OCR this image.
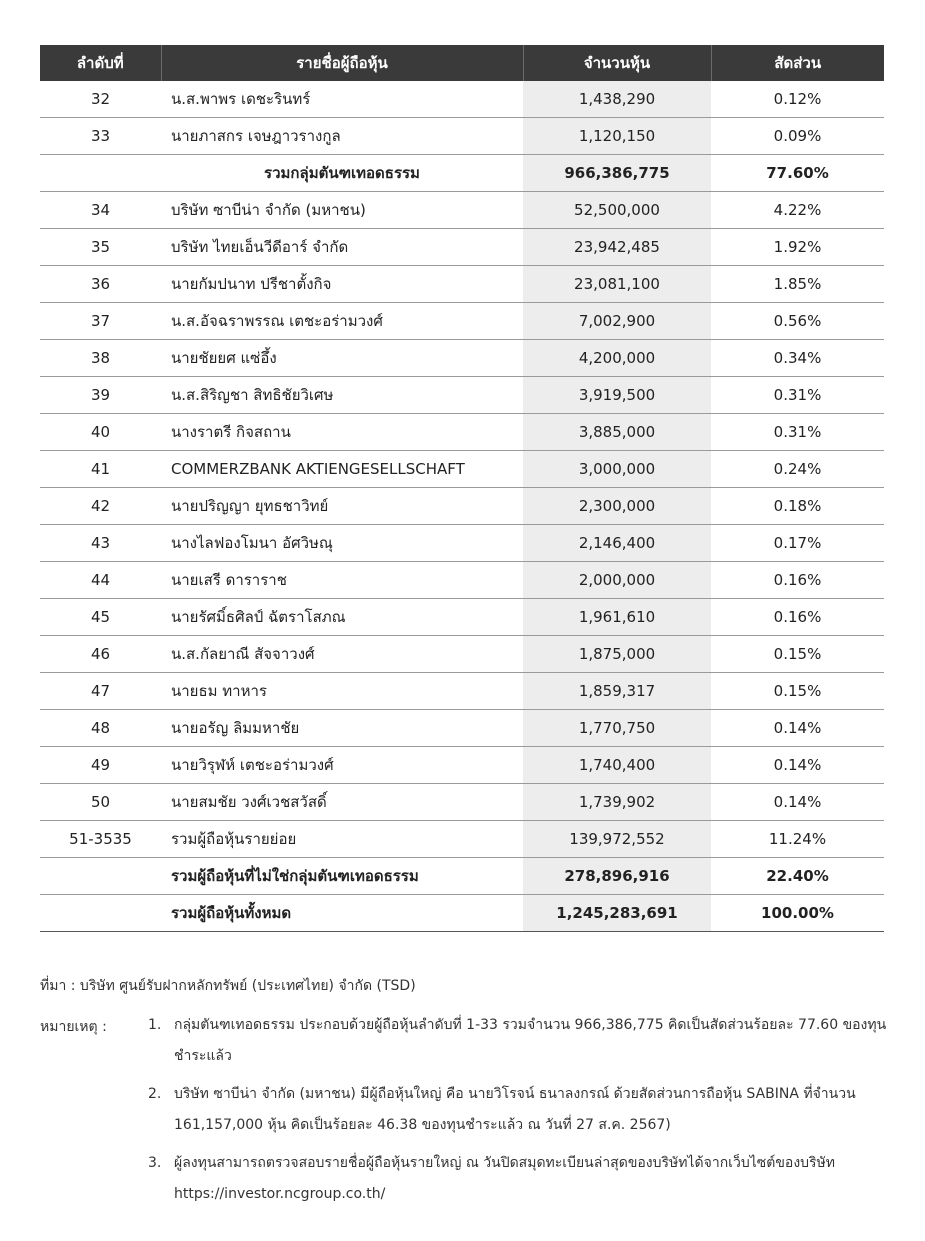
ลำดับที่	รายชื่อผู้ถือหุ้น	จำนวนหุ้น	สัดส่วน
32	น.ส.พาพร เดชะรินทร์	1,438,290	0.12%
33	นายภาสกร เจษฎาวรางกูล	1,120,150	0.09%
	รวมกลุ่มตันฑเทอดธรรม	966,386,775	77.60%
34	บริษัท ซาบีน่า จำกัด (มหาชน)	52,500,000	4.22%
35	บริษัท ไทยเอ็นวีดีอาร์ จำกัด	23,942,485	1.92%
36	นายกัมปนาท ปรีชาตั้งกิจ	23,081,100	1.85%
37	น.ส.อัจฉราพรรณ เตชะอร่ามวงศ์	7,002,900	0.56%
38	นายชัยยศ แซ่อึ้ง	4,200,000	0.34%
39	น.ส.สิริญชา สิทธิชัยวิเศษ	3,919,500	0.31%
40	นางราตรี กิจสถาน	3,885,000	0.31%
41	COMMERZBANK AKTIENGESELLSCHAFT	3,000,000	0.24%
42	นายปริญญา ยุทธชาวิทย์	2,300,000	0.18%
43	นางไลฟองโมนา อัศวิษณุ	2,146,400	0.17%
44	นายเสรี ดาราราช	2,000,000	0.16%
45	นายรัศมิ์ธศิลป์ ฉัตราโสภณ	1,961,610	0.16%
46	น.ส.กัลยาณี สัจจาวงศ์	1,875,000	0.15%
47	นายธม ทาหาร	1,859,317	0.15%
48	นายอรัญ ลิมมหาชัย	1,770,750	0.14%
49	นายวิรุฬห์ เตชะอร่ามวงศ์	1,740,400	0.14%
50	นายสมชัย วงศ์เวชสวัสดิ์	1,739,902	0.14%
51-3535	รวมผู้ถือหุ้นรายย่อย	139,972,552	11.24%
	รวมผู้ถือหุ้นที่ไม่ใช่กลุ่มตันฑเทอดธรรม	278,896,916	22.40%
	รวมผู้ถือหุ้นทั้งหมด	1,245,283,691	100.00%
ที่มา : บริษัท ศูนย์รับฝากหลักทรัพย์ (ประเทศไทย) จำกัด (TSD)
หมายเหตุ :	1. กลุ่มตันฑเทอดธรรม ประกอบด้วยผู้ถือหุ้นลำดับที่ 1-33 รวมจำนวน 966,386,775 คิดเป็นสัดส่วนร้อยละ 77.60 ของทุนชำระแล้ว
2. บริษัท ซาบีน่า จำกัด (มหาชน) มีผู้ถือหุ้นใหญ่ คือ นายวิโรจน์ ธนาลงกรณ์ ด้วยสัดส่วนการถือหุ้น SABINA ที่จำนวน 161,157,000 หุ้น คิดเป็นร้อยละ 46.38 ของทุนชำระแล้ว ณ วันที่ 27 ส.ค. 2567)
3. ผู้ลงทุนสามารถตรวจสอบรายชื่อผู้ถือหุ้นรายใหญ่ ณ วันปิดสมุดทะเบียนล่าสุดของบริษัทได้จากเว็บไซต์ของบริษัท https://investor.ncgroup.co.th/
